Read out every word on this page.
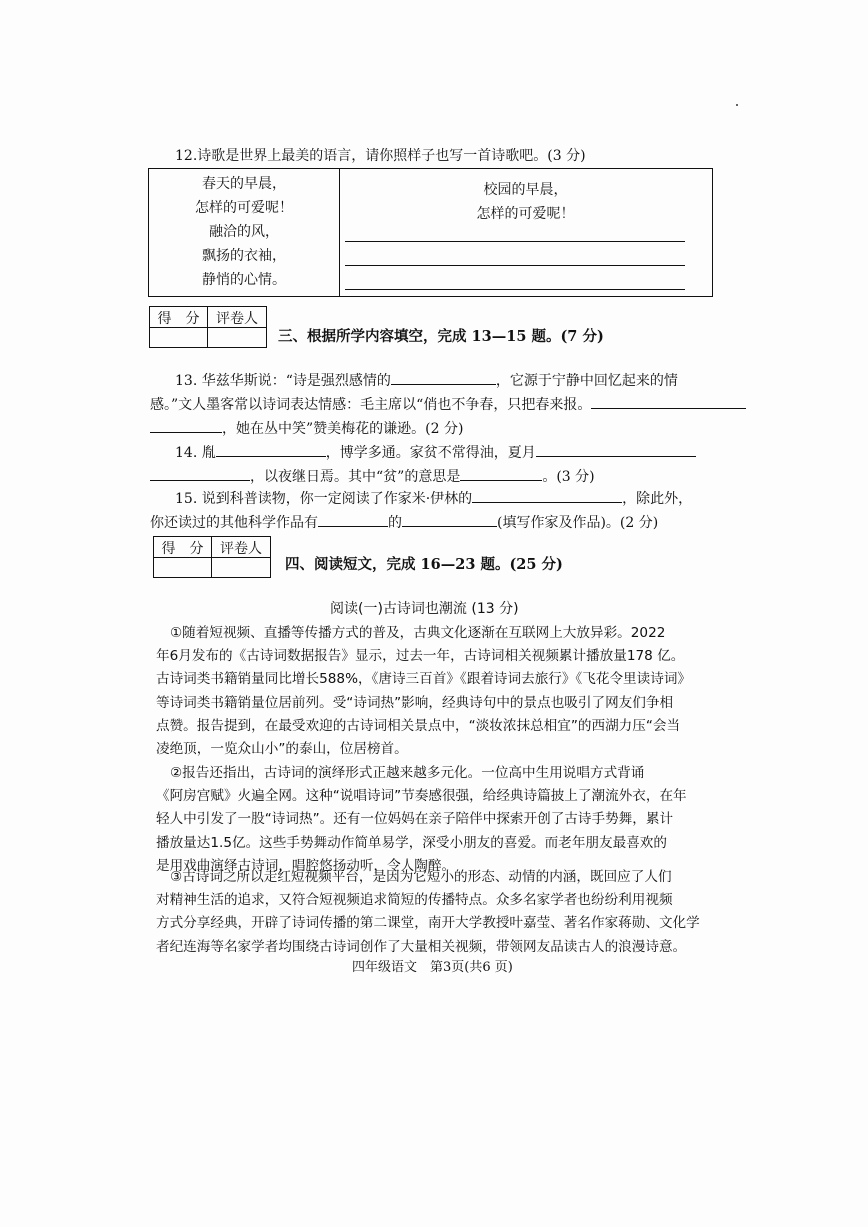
12.诗歌是世界上最美的语言，请你照样子也写一首诗歌吧。(3 分)
春天的早晨，
怎样的可爱呢！
融洽的风，
飘扬的衣袖，
静悄的心情。
校园的早晨，
怎样的可爱呢！
得　分	评卷人
三、根据所学内容填空，完成 13—15 题。(7 分)
13. 华兹华斯说：“诗是强烈感情的	，它源于宁静中回忆起来的情
感。”文人墨客常以诗词表达情感：毛主席以“俏也不争春，只把春来报。
，她在丛中笑”赞美梅花的谦逊。(2 分)
14. 胤	，博学多通。家贫不常得油，夏月
，以夜继日焉。其中“贫”的意思是	。(3 分)
15. 说到科普读物，你一定阅读了作家米·伊林的	，除此外，
你还读过的其他科学作品有	的	(填写作家及作品)。(2 分)
得　分	评卷人
四、阅读短文，完成 16—23 题。(25 分)
阅读(一)古诗词也潮流 (13 分)
①随着短视频、直播等传播方式的普及，古典文化逐渐在互联网上大放异彩。2022
年6月发布的《古诗词数据报告》显示，过去一年，古诗词相关视频累计播放量178 亿。
古诗词类书籍销量同比增长588%，《唐诗三百首》《跟着诗词去旅行》《飞花令里读诗词》
等诗词类书籍销量位居前列。受“诗词热”影响，经典诗句中的景点也吸引了网友们争相
点赞。报告提到，在最受欢迎的古诗词相关景点中，“淡妆浓抹总相宜”的西湖力压“会当
凌绝顶，一览众山小”的泰山，位居榜首。
②报告还指出，古诗词的演绎形式正越来越多元化。一位高中生用说唱方式背诵
《阿房宫赋》火遍全网。这种“说唱诗词”节奏感很强，给经典诗篇披上了潮流外衣，在年
轻人中引发了一股“诗词热”。还有一位妈妈在亲子陪伴中探索开创了古诗手势舞，累计
播放量达1.5亿。这些手势舞动作简单易学，深受小朋友的喜爱。而老年朋友最喜欢的
是用戏曲演绎古诗词，唱腔悠扬动听，令人陶醉。
③古诗词之所以走红短视频平台，是因为它短小的形态、动情的内涵，既回应了人们
对精神生活的追求，又符合短视频追求简短的传播特点。众多名家学者也纷纷利用视频
方式分享经典，开辟了诗词传播的第二课堂，南开大学教授叶嘉莹、著名作家蒋勋、文化学
者纪连海等名家学者均围绕古诗词创作了大量相关视频，带领网友品读古人的浪漫诗意。
四年级语文　第3页(共6 页)
